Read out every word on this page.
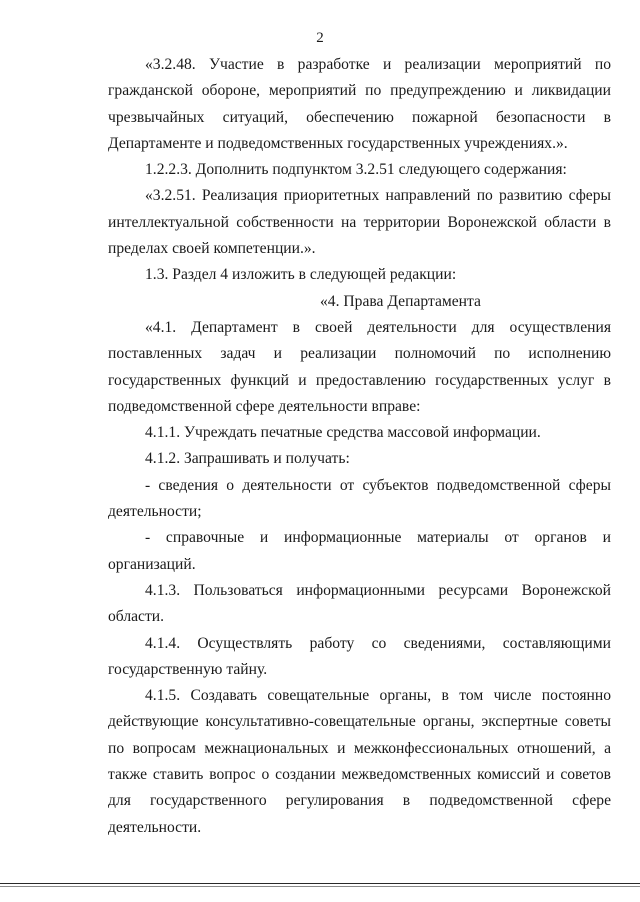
2

«3.2.48. Участие в разработке и реализации мероприятий по гражданской обороне, мероприятий по предупреждению и ликвидации чрезвычайных ситуаций, обеспечению пожарной безопасности в Департаменте и подведомственных государственных учреждениях.».

1.2.2.3. Дополнить подпунктом 3.2.51 следующего содержания:

«3.2.51. Реализация приоритетных направлений по развитию сферы интеллектуальной собственности на территории Воронежской области в пределах своей компетенции.».

1.3. Раздел 4 изложить в следующей редакции:

«4. Права Департамента

«4.1. Департамент в своей деятельности для осуществления поставленных задач и реализации полномочий по исполнению государственных функций и предоставлению государственных услуг в подведомственной сфере деятельности вправе:

4.1.1. Учреждать печатные средства массовой информации.

4.1.2. Запрашивать и получать:

- сведения о деятельности от субъектов подведомственной сферы деятельности;

- справочные и информационные материалы от органов и организаций.

4.1.3. Пользоваться информационными ресурсами Воронежской области.

4.1.4. Осуществлять работу со сведениями, составляющими государственную тайну.

4.1.5. Создавать совещательные органы, в том числе постоянно действующие консультативно-совещательные органы, экспертные советы по вопросам межнациональных и межконфессиональных отношений, а также ставить вопрос о создании межведомственных комиссий и советов для государственного регулирования в подведомственной сфере деятельности.
